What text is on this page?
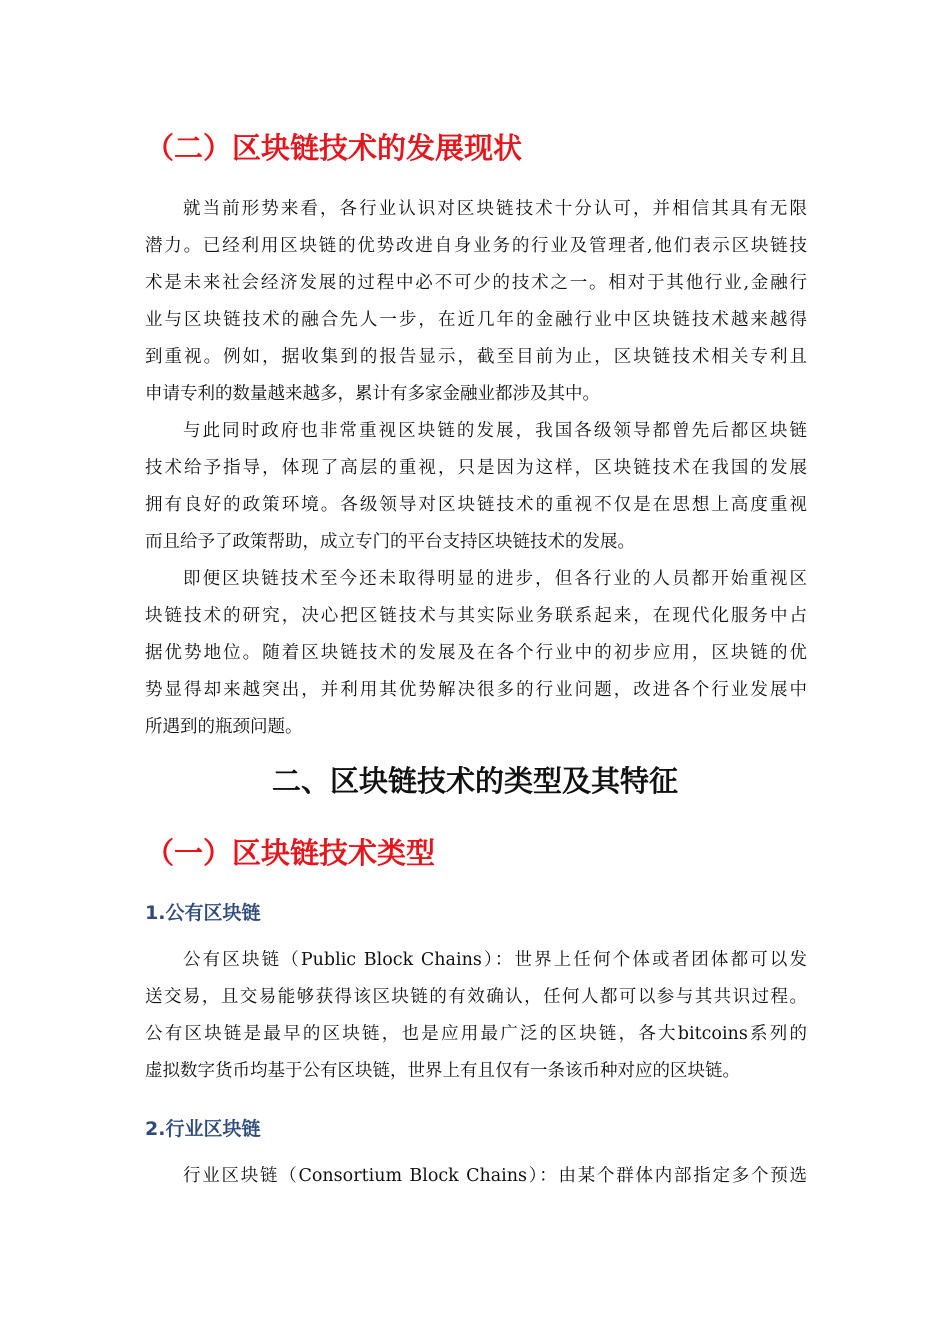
（二）区块链技术的发展现状
就当前形势来看，各行业认识对区块链技术十分认可，并相信其具有无限
潜力。已经利用区块链的优势改进自身业务的行业及管理者,他们表示区块链技
术是未来社会经济发展的过程中必不可少的技术之一。相对于其他行业,金融行
业与区块链技术的融合先人一步，在近几年的金融行业中区块链技术越来越得
到重视。例如，据收集到的报告显示，截至目前为止，区块链技术相关专利且
申请专利的数量越来越多，累计有多家金融业都涉及其中。
与此同时政府也非常重视区块链的发展，我国各级领导都曾先后都区块链
技术给予指导，体现了高层的重视，只是因为这样，区块链技术在我国的发展
拥有良好的政策环境。各级领导对区块链技术的重视不仅是在思想上高度重视
而且给予了政策帮助，成立专门的平台支持区块链技术的发展。
即便区块链技术至今还未取得明显的进步，但各行业的人员都开始重视区
块链技术的研究，决心把区链技术与其实际业务联系起来，在现代化服务中占
据优势地位。随着区块链技术的发展及在各个行业中的初步应用，区块链的优
势显得却来越突出，并利用其优势解决很多的行业问题，改进各个行业发展中
所遇到的瓶颈问题。
二、区块链技术的类型及其特征
（一）区块链技术类型
1.公有区块链
公有区块链（Public Block Chains）：世界上任何个体或者团体都可以发
送交易，且交易能够获得该区块链的有效确认，任何人都可以参与其共识过程。
公有区块链是最早的区块链，也是应用最广泛的区块链，各大bitcoins系列的
虚拟数字货币均基于公有区块链，世界上有且仅有一条该币种对应的区块链。
2.行业区块链
行业区块链（Consortium Block Chains）：由某个群体内部指定多个预选
